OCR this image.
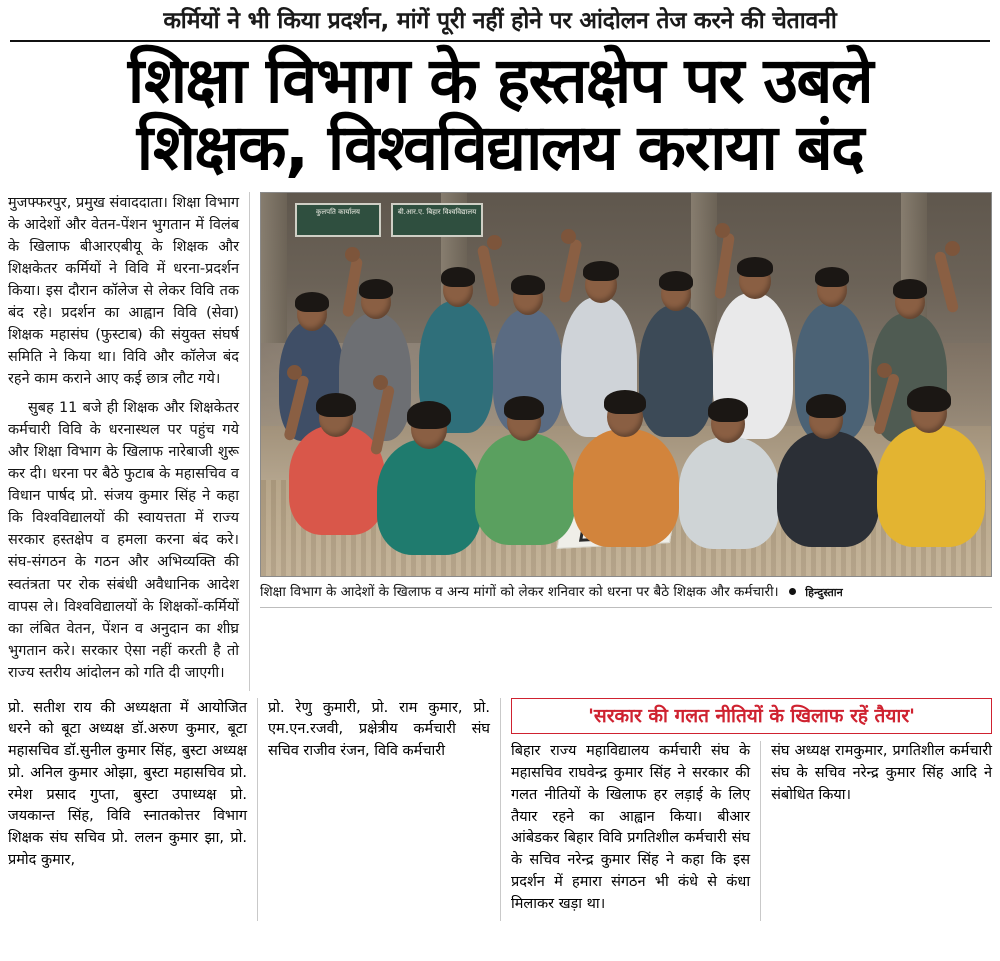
कर्मियों ने भी किया प्रदर्शन, मांगें पूरी नहीं होने पर आंदोलन तेज करने की चेतावनी
शिक्षा विभाग के हस्तक्षेप पर उबले
शिक्षक, विश्वविद्यालय कराया बंद

मुजफ्फरपुर, प्रमुख संवाददाता। शिक्षा विभाग के आदेशों और वेतन-पेंशन भुगतान में विलंब के खिलाफ बीआरएबीयू के शिक्षक और शिक्षकेतर कर्मियों ने विवि में धरना-प्रदर्शन किया। इस दौरान कॉलेज से लेकर विवि तक बंद रहे। प्रदर्शन का आह्वान विवि (सेवा) शिक्षक महासंघ (फुस्टाब) की संयुक्त संघर्ष समिति ने किया था। विवि और कॉलेज बंद रहने काम कराने आए कई छात्र लौट गये।

सुबह 11 बजे ही शिक्षक और शिक्षकेतर कर्मचारी विवि के धरनास्थल पर पहुंच गये और शिक्षा विभाग के खिलाफ नारेबाजी शुरू कर दी। धरना पर बैठे फुटाब के महासचिव व विधान पार्षद प्रो. संजय कुमार सिंह ने कहा कि विश्वविद्यालयों की स्वायत्तता में राज्य सरकार हस्तक्षेप व हमला करना बंद करे। संघ-संगठन के गठन और अभिव्यक्ति की स्वतंत्रता पर रोक संबंधी अवैधानिक आदेश वापस ले। विश्वविद्यालयों के शिक्षकों-कर्मियों का लंबित वेतन, पेंशन व अनुदान का शीघ्र भुगतान करे। सरकार ऐसा नहीं करती है तो राज्य स्तरीय आंदोलन को गति दी जाएगी।

कुलपति कार्यालय	बी.आर.ए. बिहार विश्वविद्यालय
शिक्षा विभाग के आदेशों के खिलाफ व अन्य मांगों को लेकर शनिवार को धरना पर बैठे शिक्षक और कर्मचारी। हिन्दुस्तान

प्रो. सतीश राय की अध्यक्षता में आयोजित धरने को बूटा अध्यक्ष डॉ.अरुण कुमार, बूटा महासचिव डॉ.सुनील कुमार सिंह, बुस्टा अध्यक्ष प्रो. अनिल कुमार ओझा, बुस्टा महासचिव प्रो. रमेश प्रसाद गुप्ता, बुस्टा उपाध्यक्ष प्रो. जयकान्त सिंह, विवि स्नातकोत्तर विभाग शिक्षक संघ सचिव प्रो. ललन कुमार झा, प्रो. प्रमोद कुमार,

प्रो. रेणु कुमारी, प्रो. राम कुमार, प्रो. एम.एन.रजवी, प्रक्षेत्रीय कर्मचारी संघ सचिव राजीव रंजन, विवि कर्मचारी

'सरकार की गलत नीतियों के खिलाफ रहें तैयार'

बिहार राज्य महाविद्यालय कर्मचारी संघ के महासचिव राघवेन्द्र कुमार सिंह ने सरकार की गलत नीतियों के खिलाफ हर लड़ाई के लिए तैयार रहने का आह्वान किया। बीआर आंबेडकर बिहार विवि प्रगतिशील कर्मचारी संघ के सचिव नरेन्द्र कुमार सिंह ने कहा कि इस प्रदर्शन में हमारा संगठन भी कंधे से कंधा मिलाकर खड़ा था।

संघ अध्यक्ष रामकुमार, प्रगतिशील कर्मचारी संघ के सचिव नरेन्द्र कुमार सिंह आदि ने संबोधित किया।
